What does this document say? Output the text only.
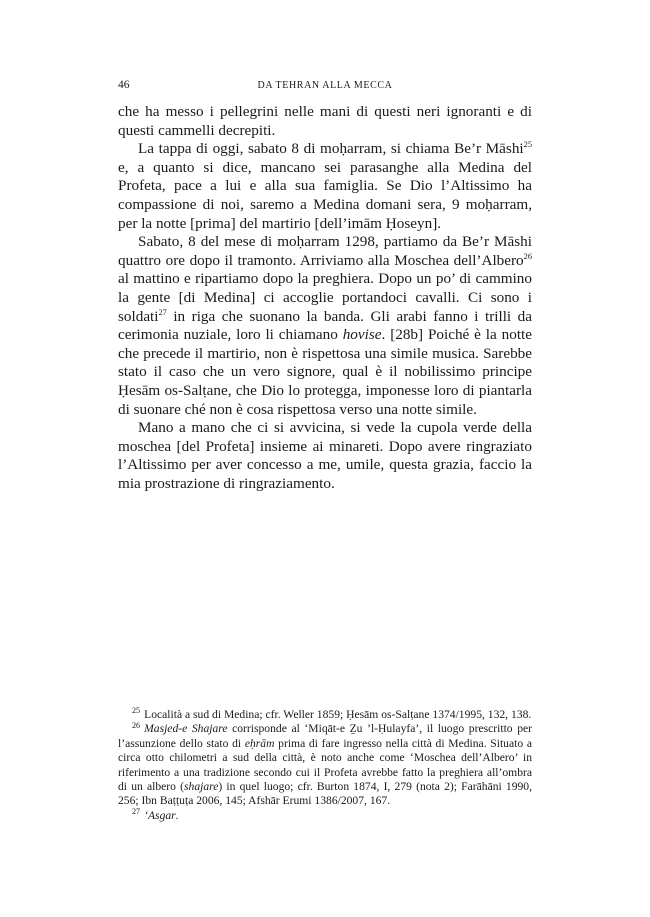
46	DA TEHRAN ALLA MECCA

che ha messo i pellegrini nelle mani di questi neri ignoranti e di questi cammelli decrepiti.

La tappa di oggi, sabato 8 di moḥarram, si chiama Be’r Māshi$^{25}$ e, a quanto si dice, mancano sei parasanghe alla Medina del Profeta, pace a lui e alla sua famiglia. Se Dio l’Altissimo ha compassione di noi, saremo a Medina domani sera, 9 moḥarram, per la notte [prima] del martirio [dell’imām Ḥoseyn].

Sabato, 8 del mese di moḥarram 1298, partiamo da Be’r Māshi quattro ore dopo il tramonto. Arriviamo alla Moschea dell’Albero$^{26}$ al mattino e ripartiamo dopo la preghiera. Dopo un po’ di cammino la gente [di Medina] ci accoglie portandoci cavalli. Ci sono i soldati$^{27}$ in riga che suonano la banda. Gli arabi fanno i trilli da cerimonia nuziale, loro li chiamano hovise. [28b] Poiché è la notte che precede il martirio, non è rispettosa una simile musica. Sarebbe stato il caso che un vero signore, qual è il nobilissimo principe Ḥesām os-Salṭane, che Dio lo protegga, imponesse loro di piantarla di suonare ché non è cosa rispettosa verso una notte simile.

Mano a mano che ci si avvicina, si vede la cupola verde della moschea [del Profeta] insieme ai minareti. Dopo avere ringraziato l’Altissimo per aver concesso a me, umile, questa grazia, faccio la mia prostrazione di ringraziamento.

25 Località a sud di Medina; cfr. Weller 1859; Ḥesām os-Salṭane 1374/1995, 132, 138.

26 Masjed-e Shajare corrisponde al ‘Miqāt-e Ẕu ’l-Ḥulayfa’, il luogo prescritto per l’assunzione dello stato di eḥrām prima di fare ingresso nella città di Medina. Situato a circa otto chilometri a sud della città, è noto anche come ‘Moschea dell’Albero’ in riferimento a una tradizione secondo cui il Profeta avrebbe fatto la preghiera all’ombra di un albero (shajare) in quel luogo; cfr. Burton 1874, I, 279 (nota 2); Farāhāni 1990, 256; Ibn Baṭṭuṭa 2006, 145; Afshār Erumi 1386/2007, 167.

27 ‘Asgar.
